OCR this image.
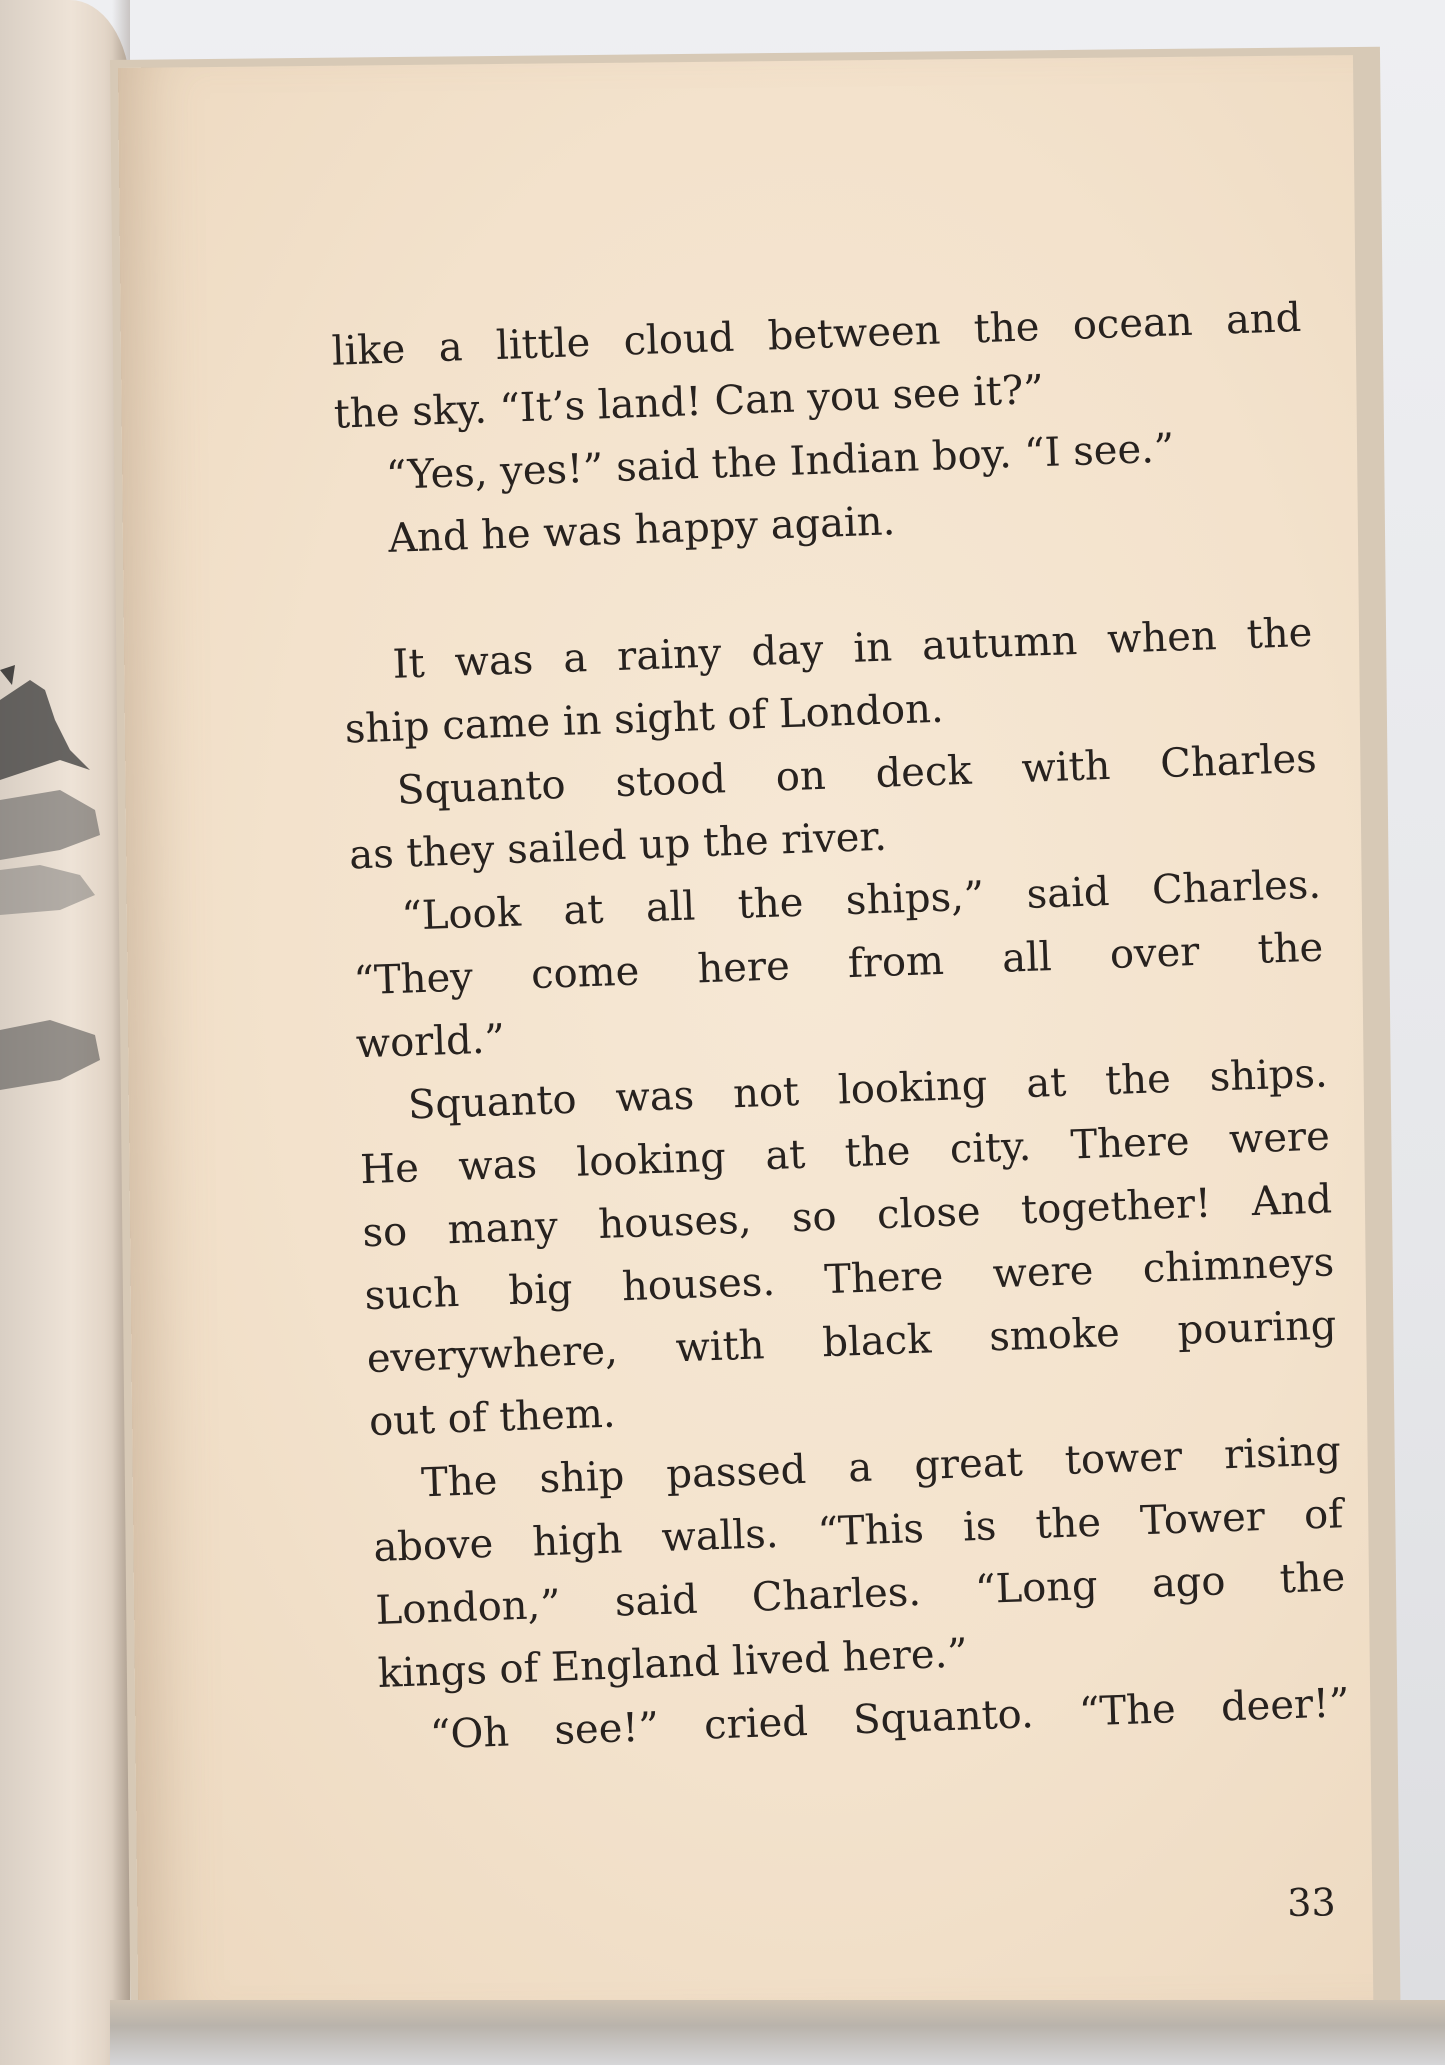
like a little cloud between the ocean and
the sky. “It’s land! Can you see it?”
“Yes, yes!” said the Indian boy. “I see.”
And he was happy again.
It was a rainy day in autumn when the
ship came in sight of London.
Squanto stood on deck with Charles
as they sailed up the river.
“Look at all the ships,” said Charles.
“They come here from all over the
world.”
Squanto was not looking at the ships.
He was looking at the city. There were
so many houses, so close together! And
such big houses. There were chimneys
everywhere, with black smoke pouring
out of them.
The ship passed a great tower rising
above high walls. “This is the Tower of
London,” said Charles. “Long ago the
kings of England lived here.”
“Oh see!” cried Squanto. “The deer!”
33
